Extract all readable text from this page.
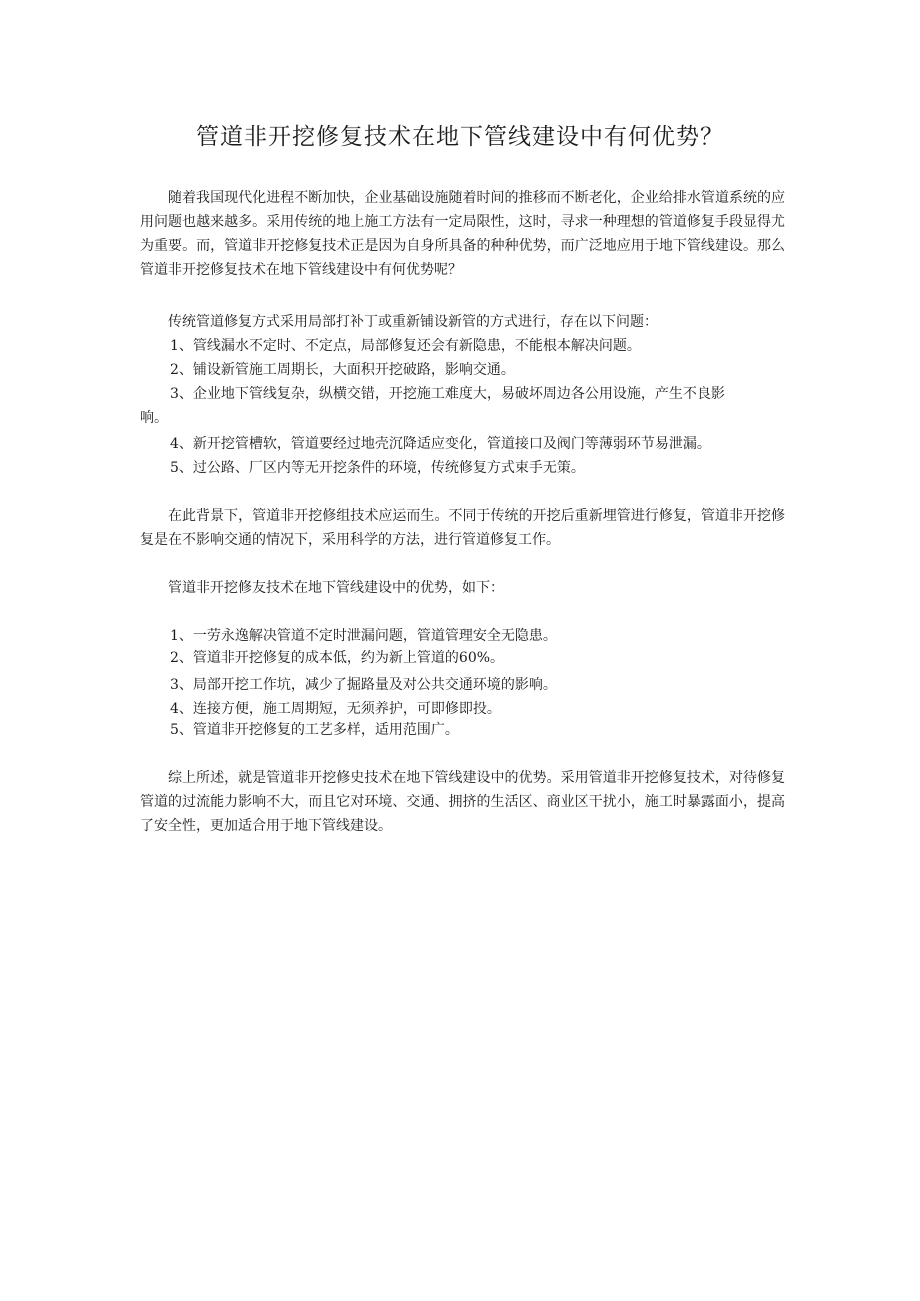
管道非开挖修复技术在地下管线建设中有何优势？

随着我国现代化进程不断加快，企业基础设施随着时间的推移而不断老化，企业给排水管道系统的应用问题也越来越多。采用传统的地上施工方法有一定局限性，这时，寻求一种理想的管道修复手段显得尤为重要。而，管道非开挖修复技术正是因为自身所具备的种种优势，而广泛地应用于地下管线建设。那么管道非开挖修复技术在地下管线建设中有何优势呢？

传统管道修复方式采用局部打补丁或重新铺设新管的方式进行，存在以下问题：

1、管线漏水不定时、不定点，局部修复还会有新隐患，不能根本解决问题。

2、铺设新管施工周期长，大面积开挖破路，影响交通。

3、企业地下管线复杂，纵横交错，开挖施工难度大，易破坏周边各公用设施，产生不良影

响。

4、新开挖管槽软，管道要经过地壳沉降适应变化，管道接口及阀门等薄弱环节易泄漏。

5、过公路、厂区内等无开挖条件的环境，传统修复方式束手无策。

在此背景下，管道非开挖修组技术应运而生。不同于传统的开挖后重新埋管进行修复，管道非开挖修复是在不影响交通的情况下，采用科学的方法，进行管道修复工作。

管道非开挖修友技术在地下管线建设中的优势，如下：

1、一劳永逸解决管道不定时泄漏问题，管道管理安全无隐患。

2、管道非开挖修复的成本低，约为新上管道的60%。

3、局部开挖工作坑，减少了掘路量及对公共交通环境的影响。

4、连接方便，施工周期短，无须养护，可即修即投。

5、管道非开挖修复的工艺多样，适用范围广。

综上所述，就是管道非开挖修史技术在地下管线建设中的优势。采用管道非开挖修复技术，对待修复管道的过流能力影响不大，而且它对环境、交通、拥挤的生活区、商业区干扰小，施工时暴露面小，提高了安全性，更加适合用于地下管线建设。
